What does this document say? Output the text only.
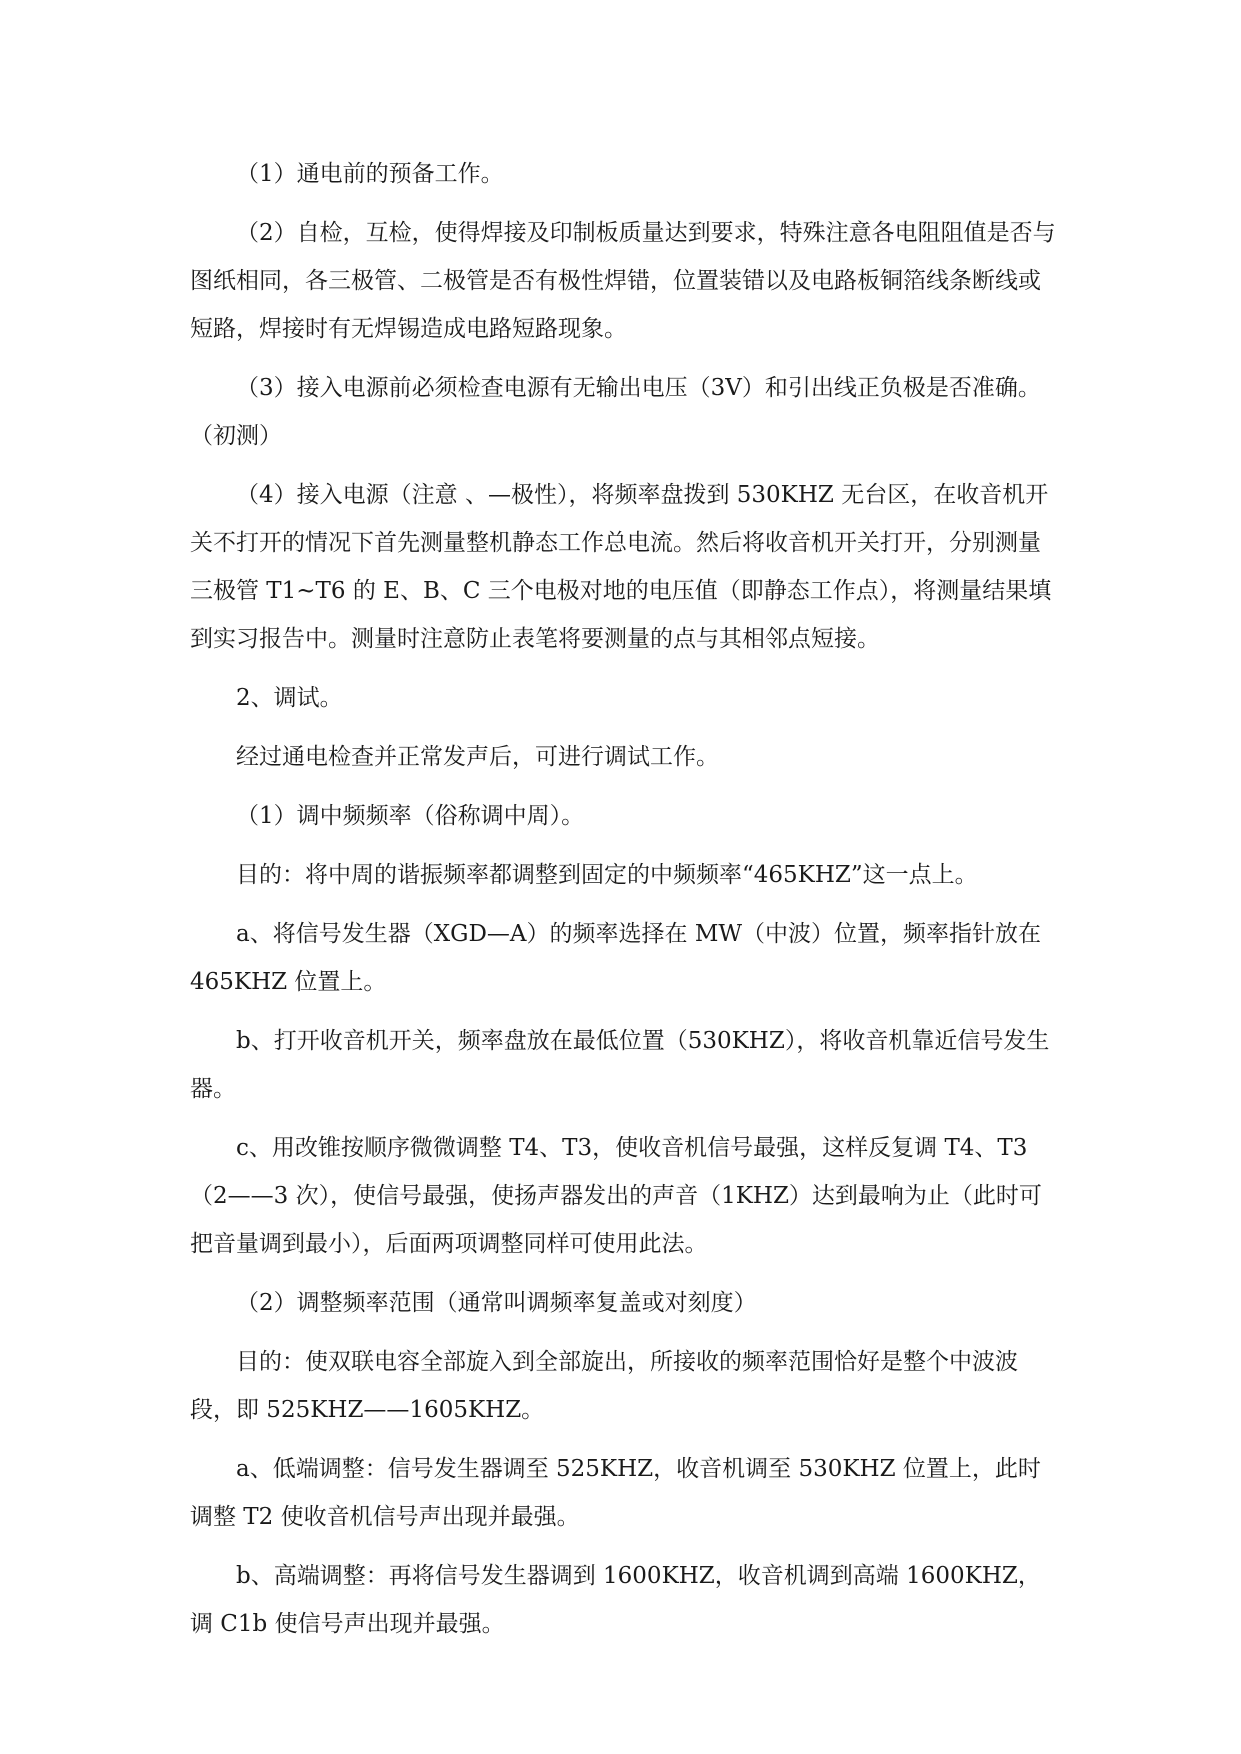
（1）通电前的预备工作。

（2）自检，互检，使得焊接及印制板质量达到要求，特殊注意各电阻阻值是否与图纸相同，各三极管、二极管是否有极性焊错，位置装错以及电路板铜箔线条断线或短路，焊接时有无焊锡造成电路短路现象。

（3）接入电源前必须检查电源有无输出电压（3V）和引出线正负极是否准确。（初测）

（4）接入电源（注意 、—极性），将频率盘拨到 530KHZ 无台区，在收音机开关不打开的情况下首先测量整机静态工作总电流。然后将收音机开关打开，分别测量三极管 T1~T6 的 E、B、C 三个电极对地的电压值（即静态工作点），将测量结果填到实习报告中。测量时注意防止表笔将要测量的点与其相邻点短接。

2、调试。

经过通电检查并正常发声后，可进行调试工作。

（1）调中频频率（俗称调中周）。

目的：将中周的谐振频率都调整到固定的中频频率“465KHZ”这一点上。

a、将信号发生器（XGD—A）的频率选择在 MW（中波）位置，频率指针放在 465KHZ 位置上。

b、打开收音机开关，频率盘放在最低位置（530KHZ），将收音机靠近信号发生器。

c、用改锥按顺序微微调整 T4、T3，使收音机信号最强，这样反复调 T4、T3（2——3 次），使信号最强，使扬声器发出的声音（1KHZ）达到最响为止（此时可把音量调到最小），后面两项调整同样可使用此法。

（2）调整频率范围（通常叫调频率复盖或对刻度）

目的：使双联电容全部旋入到全部旋出，所接收的频率范围恰好是整个中波波段，即 525KHZ——1605KHZ。

a、低端调整：信号发生器调至 525KHZ，收音机调至 530KHZ 位置上，此时调整 T2 使收音机信号声出现并最强。

b、高端调整：再将信号发生器调到 1600KHZ，收音机调到高端 1600KHZ，调 C1b 使信号声出现并最强。
